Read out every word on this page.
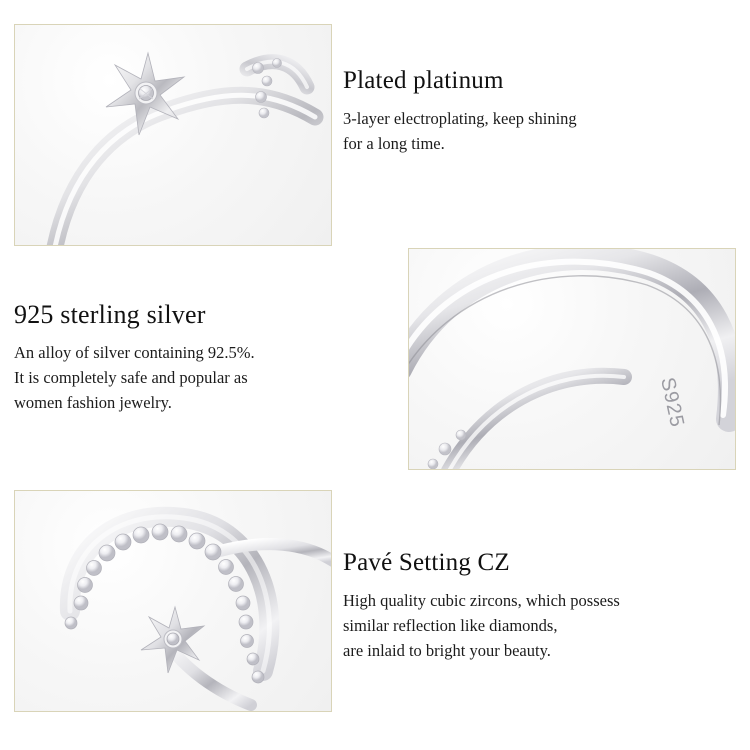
Plated platinum
3-layer electroplating, keep shining
for a long time.
925 sterling silver
An alloy of silver containing 92.5%.
It is completely safe and popular as
women fashion jewelry.	S925
Pavé Setting CZ
High quality cubic zircons, which possess
similar reflection like diamonds,
are inlaid to bright your beauty.
